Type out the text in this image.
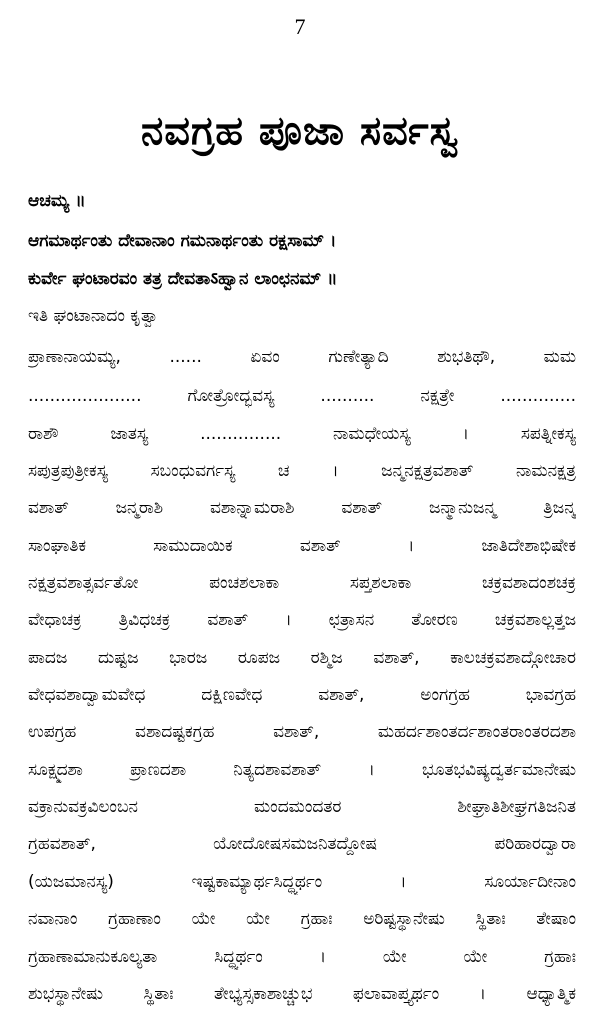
7
ನವಗ್ರಹ ಪೂಜಾ ಸರ್ವಸ್ವ
ಆಚಮ್ಯ ॥
ಆಗಮಾರ್ಥಂತು ದೇವಾನಾಂ ಗಮನಾರ್ಥಂತು ರಕ್ಷಸಾಮ್ ।
ಕುರ್ವೇ ಘಂಟಾರವಂ ತತ್ರ ದೇವತಾऽಹ್ವಾನ ಲಾಂಛನಮ್ ॥
ಇತಿ ಘಂಟಾನಾದಂ ಕೃತ್ವಾ
ಪ್ರಾಣಾನಾಯಮ್ಯ, ...... ಏವಂ ಗುಣೇತ್ಯಾದಿ ಶುಭತಿಥೌ, ಮಮ
..................... ಗೋತ್ರೋದ್ಭವಸ್ಯ .......... ನಕ್ಷತ್ರೇ ..............
ರಾಶೌ ಜಾತಸ್ಯ ............... ನಾಮಧೇಯಸ್ಯ । ಸಪತ್ನೀಕಸ್ಯ
ಸಪುತ್ರಪುತ್ರೀಕಸ್ಯ ಸಬಂಧುವರ್ಗಸ್ಯ ಚ । ಜನ್ಮನಕ್ಷತ್ರವಶಾತ್ ನಾಮನಕ್ಷತ್ರ
ವಶಾತ್ ಜನ್ಮರಾಶಿ ವಶಾನ್ನಾಮರಾಶಿ ವಶಾತ್ ಜನ್ಮಾನುಜನ್ಮ ತ್ರಿಜನ್ಮ
ಸಾಂಘಾತಿಕ ಸಾಮುದಾಯಿಕ ವಶಾತ್ । ಜಾತಿದೇಶಾಭಿಷೇಕ
ನಕ್ಷತ್ರವಶಾತ್ಸರ್ವತೋ ಪಂಚಶಲಾಕಾ ಸಪ್ತಶಲಾಕಾ ಚಕ್ರವಶಾದಂಶಚಕ್ರ
ವೇಧಾಚಕ್ರ ತ್ರಿವಿಧಚಕ್ರ ವಶಾತ್ । ಛತ್ರಾಸನ ತೋರಣ ಚಕ್ರವಶಾಲ್ಲತ್ತಜ
ಪಾದಜ ದುಷ್ಟಜ ಭಾರಜ ರೂಪಜ ರಶ್ಮಿಜ ವಶಾತ್, ಕಾಲಚಕ್ರವಶಾದ್ಗೋಚಾರ
ವೇಧವಶಾದ್ವಾಮವೇಧ ದಕ್ಷಿಣವೇಧ ವಶಾತ್, ಅಂಗಗ್ರಹ ಭಾವಗ್ರಹ
ಉಪಗ್ರಹ ವಶಾದಷ್ಟಕಗ್ರಹ ವಶಾತ್, ಮಹರ್ದಶಾಂತರ್ದಶಾಂತರಾಂತರದಶಾ
ಸೂಕ್ಷ್ಮದಶಾ ಪ್ರಾಣದಶಾ ನಿತ್ಯದಶಾವಶಾತ್ । ಭೂತಭವಿಷ್ಯದ್ವರ್ತಮಾನೇಷು
ವಕ್ರಾನುವಕ್ರವಿಲಂಬನ ಮಂದಮಂದತರ ಶೀಘ್ರಾತಿಶೀಘ್ರಗತಿಜನಿತ
ಗ್ರಹವಶಾತ್, ಯೋದೋಷಸಮಜನಿತದ್ದೋಷ ಪರಿಹಾರದ್ವಾರಾ
(ಯಜಮಾನಸ್ಯ) ಇಷ್ಟಕಾಮ್ಯಾರ್ಥಸಿದ್ಧ್ಯರ್ಥಂ । ಸೂರ್ಯಾದೀನಾಂ
ನವಾನಾಂ ಗ್ರಹಾಣಾಂ ಯೇ ಯೇ ಗ್ರಹಾಃ ಅರಿಷ್ಟಸ್ಥಾನೇಷು ಸ್ಥಿತಾಃ ತೇಷಾಂ
ಗ್ರಹಾಣಾಮಾನುಕೂಲ್ಯತಾ ಸಿದ್ಧ್ಯರ್ಥಂ । ಯೇ ಯೇ ಗ್ರಹಾಃ
ಶುಭಸ್ಥಾನೇಷು ಸ್ಥಿತಾಃ ತೇಭ್ಯಸ್ಸಕಾಶಾಚ್ಚುಭ ಫಲಾವಾಪ್ತ್ಯರ್ಥಂ । ಆಧ್ಯಾತ್ಮಿಕ
